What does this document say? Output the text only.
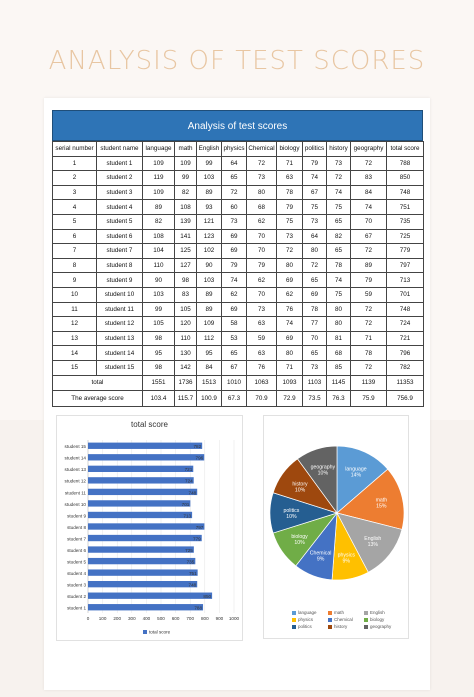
ANALYSIS OF TEST SCORES
Analysis of test scores
serial number	student name	language	math	English	physics	Chemical	biology	politics	history	geography	total score
1	student 1	109	109	99	64	72	71	79	73	72	788
2	student 2	119	99	103	65	73	63	74	72	83	850
3	student 3	109	82	89	72	80	78	67	74	84	748
4	student 4	89	108	93	60	68	79	75	75	74	751
5	student 5	82	139	121	73	62	75	73	65	70	735
6	student 6	108	141	123	69	70	73	64	82	67	725
7	student 7	104	125	102	69	70	72	80	65	72	779
8	student 8	110	127	90	79	79	80	72	78	89	797
9	student 9	90	98	103	74	62	69	65	74	79	713
10	student 10	103	83	89	62	70	62	69	75	59	701
11	student 11	99	105	89	69	73	76	78	80	72	748
12	student 12	105	120	109	58	63	74	77	80	72	724
13	student 13	98	110	112	53	59	69	70	81	71	721
14	student 14	95	130	95	65	63	80	65	68	78	796
15	student 15	98	142	84	67	76	71	73	85	72	782
total		1551	1736	1513	1010	1063	1093	1103	1145	1139	11353
The average score		103.4	115.7	100.9	67.3	70.9	72.9	73.5	76.3	75.9	756.9
total score
0 100 200 300 400 500 600 700 800 900 1000
student 15	782
student 14	796
student 13	721
student 12	724
student 11	748
student 10	701
student 9	713
student 8	797
student 7	779
student 6	725
student 5	735
student 4	751
student 3	748
student 2	850
student 1	788
total score
language
14%
math
15%
English
13%
physics
9%
Chemical
9%
biology
10%
politics
10%
history
10%
geography
10%
language	math	Englishphysics	Chemical	biologypolitics	history	geography
